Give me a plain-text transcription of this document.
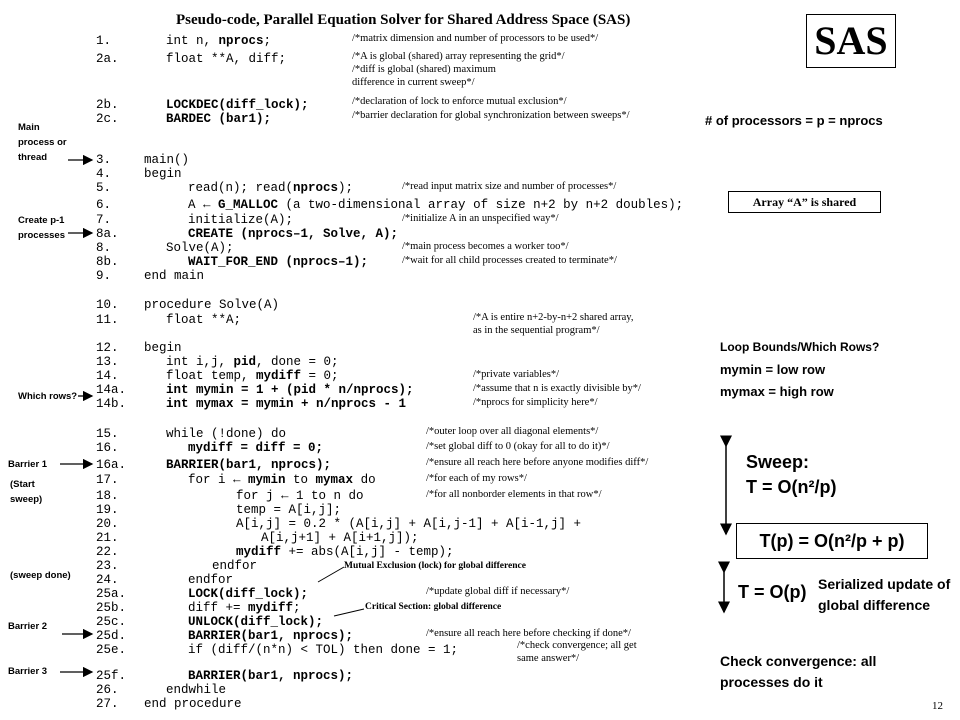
Pseudo-code, Parallel Equation Solver for Shared Address Space (SAS)	SAS
1.	int n, nprocs;	/*matrix dimension and number of processors to be used*/
2a.	float **A, diff;	/*A is global (shared) array representing the grid*/
/*diff is global (shared) maximum difference in current sweep*/
2b.	LOCKDEC(diff_lock);	/*declaration of lock to enforce mutual exclusion*/
2c.	BARDEC (bar1);	/*barrier declaration for global synchronization between sweeps*/
3.	main()
4.	begin
5.	read(n); read(nprocs);	/*read input matrix size and number of processes*/
6.	A ← G_MALLOC (a two-dimensional array of size n+2 by n+2 doubles);
7.	initialize(A);	/*initialize A in an unspecified way*/
8a.	CREATE (nprocs–1, Solve, A);
8.	Solve(A);	/*main process becomes a worker too*/
8b.	WAIT_FOR_END (nprocs–1);	/*wait for all child processes created to terminate*/
9.	end main
10. procedure Solve(A)
11.	float **A;	/*A is entire n+2-by-n+2 shared array,
as in the sequential program*/
12. begin
13.	int i,j, pid, done = 0;
14.	float temp, mydiff = 0;	/*private variables*/
14a.	int mymin = 1 + (pid * n/nprocs);	/*assume that n is exactly divisible by*/
14b.	int mymax = mymin + n/nprocs - 1	/*nprocs for simplicity here*/
15.	while (!done) do	/*outer loop over all diagonal elements*/
16.	mydiff = diff = 0;	/*set global diff to 0 (okay for all to do it)*/
16a.	BARRIER(bar1, nprocs);	/*ensure all reach here before anyone modifies diff*/
17.	for i ← mymin to mymax do	/*for each of my rows*/
18.	for j ← 1 to n do	/*for all nonborder elements in that row*/
19.	temp = A[i,j];
20.	A[i,j] = 0.2 * (A[i,j] + A[i,j-1] + A[i-1,j] +
21.	A[i,j+1] + A[i+1,j]);
22.	mydiff += abs(A[i,j] - temp);
23.	endfor
24.	endfor
25a.	LOCK(diff_lock);	/*update global diff if necessary*/
25b.	diff += mydiff;
25c.	UNLOCK(diff_lock);
25d.	BARRIER(bar1, nprocs);	/*ensure all reach here before checking if done*/
25e.	if (diff/(n*n) < TOL) then done = 1;	/*check convergence; all get
same answer*/
25f.	BARRIER(bar1, nprocs);
26.	endwhile
27. end procedure
Main process or thread
Create p-1 processes
Which rows?
Barrier 1
(Start sweep)
(sweep done)
Barrier 2
Barrier 3
# of processors = p = nprocs
Array “A” is shared
Loop Bounds/Which Rows?
mymin = low row
mymax = high row
Sweep:
T = O(n²/p)
T(p) = O(n²/p + p)
T = O(p) Serialized update of global difference
Check convergence: all processes do it
Mutual Exclusion (lock) for global difference
Critical Section: global difference
12
